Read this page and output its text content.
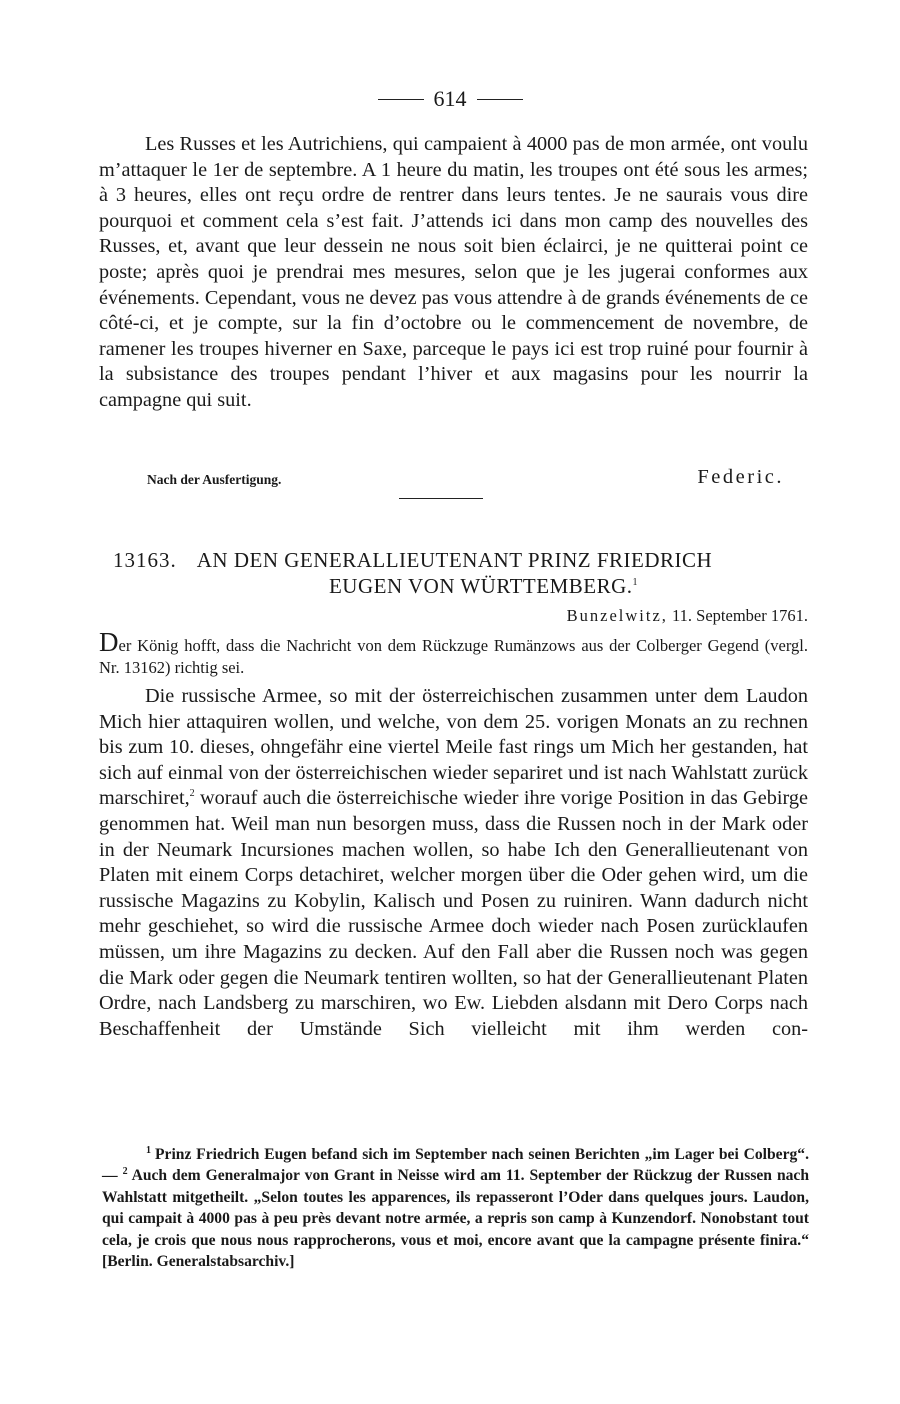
614

Les Russes et les Autrichiens, qui campaient à 4000 pas de mon armée, ont voulu m’attaquer le 1er de septembre. A 1 heure du matin, les troupes ont été sous les armes; à 3 heures, elles ont reçu ordre de rentrer dans leurs tentes. Je ne saurais vous dire pourquoi et comment cela s’est fait. J’attends ici dans mon camp des nouvelles des Russes, et, avant que leur dessein ne nous soit bien éclairci, je ne quitterai point ce poste; après quoi je prendrai mes mesures, selon que je les jugerai conformes aux événements. Cependant, vous ne devez pas vous attendre à de grands événements de ce côté-ci, et je compte, sur la fin d’octobre ou le commencement de novembre, de ramener les troupes hiverner en Saxe, parceque le pays ici est trop ruiné pour fournir à la subsistance des troupes pendant l’hiver et aux magasins pour les nourrir la campagne qui suit.

Nach der Ausfertigung.	Federic.
13163. AN DEN GENERALLIEUTENANT PRINZ FRIEDRICH
EUGEN VON WÜRTTEMBERG.$^1$
Bunzelwitz, 11. September 1761.
Der König hofft, dass die Nachricht von dem Rückzuge Rumänzows aus der Colberger Gegend (vergl. Nr. 13162) richtig sei.

Die russische Armee, so mit der österreichischen zusammen unter dem Laudon Mich hier attaquiren wollen, und welche, von dem 25. vorigen Monats an zu rechnen bis zum 10. dieses, ohngefähr eine viertel Meile fast rings um Mich her gestanden, hat sich auf einmal von der österreichischen wieder separiret und ist nach Wahlstatt zurück marschiret,$^2$ worauf auch die österreichische wieder ihre vorige Position in das Gebirge genommen hat. Weil man nun besorgen muss, dass die Russen noch in der Mark oder in der Neumark Incursiones machen wollen, so habe Ich den Generallieutenant von Platen mit einem Corps detachiret, welcher morgen über die Oder gehen wird, um die russische Magazins zu Kobylin, Kalisch und Posen zu ruiniren. Wann dadurch nicht mehr geschiehet, so wird die russische Armee doch wieder nach Posen zurücklaufen müssen, um ihre Magazins zu decken. Auf den Fall aber die Russen noch was gegen die Mark oder gegen die Neumark tentiren wollten, so hat der Generallieutenant Platen Ordre, nach Landsberg zu marschiren, wo Ew. Liebden alsdann mit Dero Corps nach Beschaffenheit der Umstände Sich vielleicht mit ihm werden con-

$^1$ Prinz Friedrich Eugen befand sich im September nach seinen Berichten „im Lager bei Colberg“. — $^2$ Auch dem Generalmajor von Grant in Neisse wird am 11. September der Rückzug der Russen nach Wahlstatt mitgetheilt. „Selon toutes les apparences, ils repasseront l’Oder dans quelques jours. Laudon, qui campait à 4000 pas à peu près devant notre armée, a repris son camp à Kunzendorf. Nonobstant tout cela, je crois que nous nous rapprocherons, vous et moi, encore avant que la campagne présente finira.“ [Berlin. Generalstabsarchiv.]
